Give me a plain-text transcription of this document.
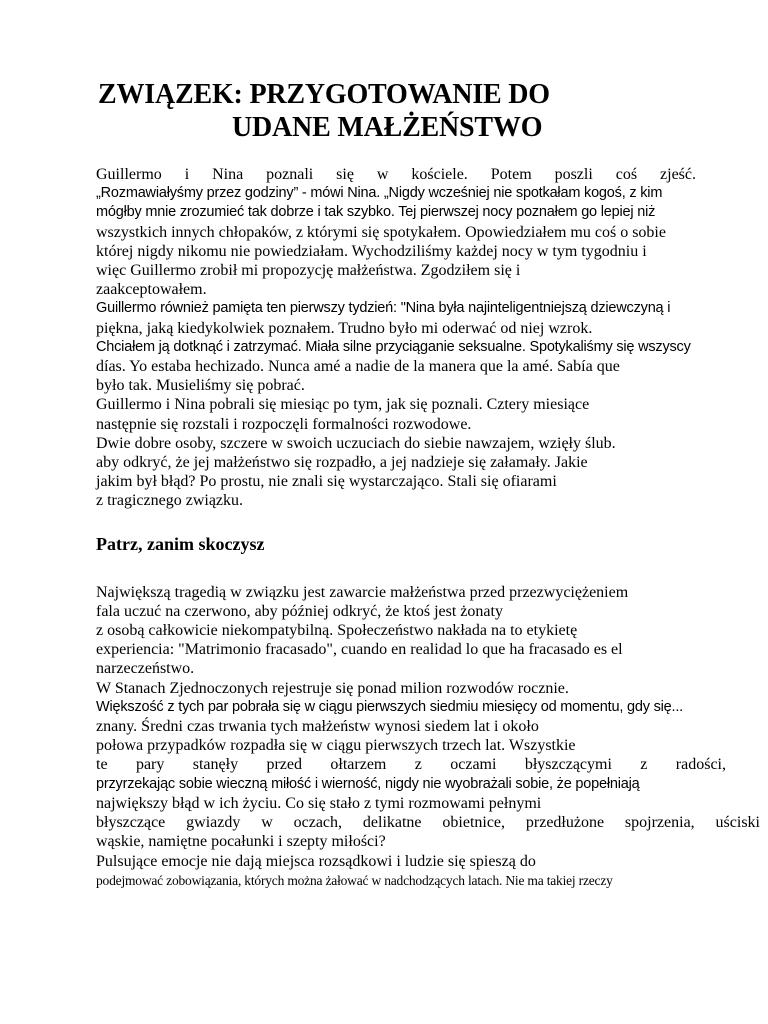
ZWIĄZEK: PRZYGOTOWANIE DO
UDANE MAŁŻEŃSTWO
Guillermo i Nina poznali się w kościele. Potem poszli coś zjeść.
„Rozmawiałyśmy przez godziny” - mówi Nina. „Nigdy wcześniej nie spotkałam kogoś, z kim
mógłby mnie zrozumieć tak dobrze i tak szybko. Tej pierwszej nocy poznałem go lepiej niż
wszystkich innych chłopaków, z którymi się spotykałem. Opowiedziałem mu coś o sobie
której nigdy nikomu nie powiedziałam. Wychodziliśmy każdej nocy w tym tygodniu i
więc Guillermo zrobił mi propozycję małżeństwa. Zgodziłem się i
zaakceptowałem.
Guillermo również pamięta ten pierwszy tydzień: "Nina była najinteligentniejszą dziewczyną i
piękna, jaką kiedykolwiek poznałem. Trudno było mi oderwać od niej wzrok.
Chciałem ją dotknąć i zatrzymać. Miała silne przyciąganie seksualne. Spotykaliśmy się wszyscy
días. Yo estaba hechizado. Nunca amé a nadie de la manera que la amé. Sabía que
było tak. Musieliśmy się pobrać.
Guillermo i Nina pobrali się miesiąc po tym, jak się poznali. Cztery miesiące
następnie się rozstali i rozpoczęli formalności rozwodowe.
Dwie dobre osoby, szczere w swoich uczuciach do siebie nawzajem, wzięły ślub.
aby odkryć, że jej małżeństwo się rozpadło, a jej nadzieje się załamały. Jakie
jakim był błąd? Po prostu, nie znali się wystarczająco. Stali się ofiarami
z tragicznego związku.
Patrz, zanim skoczysz
Największą tragedią w związku jest zawarcie małżeństwa przed przezwyciężeniem
fala uczuć na czerwono, aby później odkryć, że ktoś jest żonaty
z osobą całkowicie niekompatybilną. Społeczeństwo nakłada na to etykietę
experiencia: "Matrimonio fracasado", cuando en realidad lo que ha fracasado es el
narzeczeństwo.
W Stanach Zjednoczonych rejestruje się ponad milion rozwodów rocznie.
Większość z tych par pobrała się w ciągu pierwszych siedmiu miesięcy od momentu, gdy się...
znany. Średni czas trwania tych małżeństw wynosi siedem lat i około
połowa przypadków rozpadła się w ciągu pierwszych trzech lat. Wszystkie
te pary stanęły przed ołtarzem z oczami błyszczącymi z radości,
przyrzekając sobie wieczną miłość i wierność, nigdy nie wyobrażali sobie, że popełniają
największy błąd w ich życiu. Co się stało z tymi rozmowami pełnymi
błyszczące gwiazdy w oczach, delikatne obietnice, przedłużone spojrzenia, uściski
wąskie, namiętne pocałunki i szepty miłości?
Pulsujące emocje nie dają miejsca rozsądkowi i ludzie się spieszą do
podejmować zobowiązania, których można żałować w nadchodzących latach. Nie ma takiej rzeczy
